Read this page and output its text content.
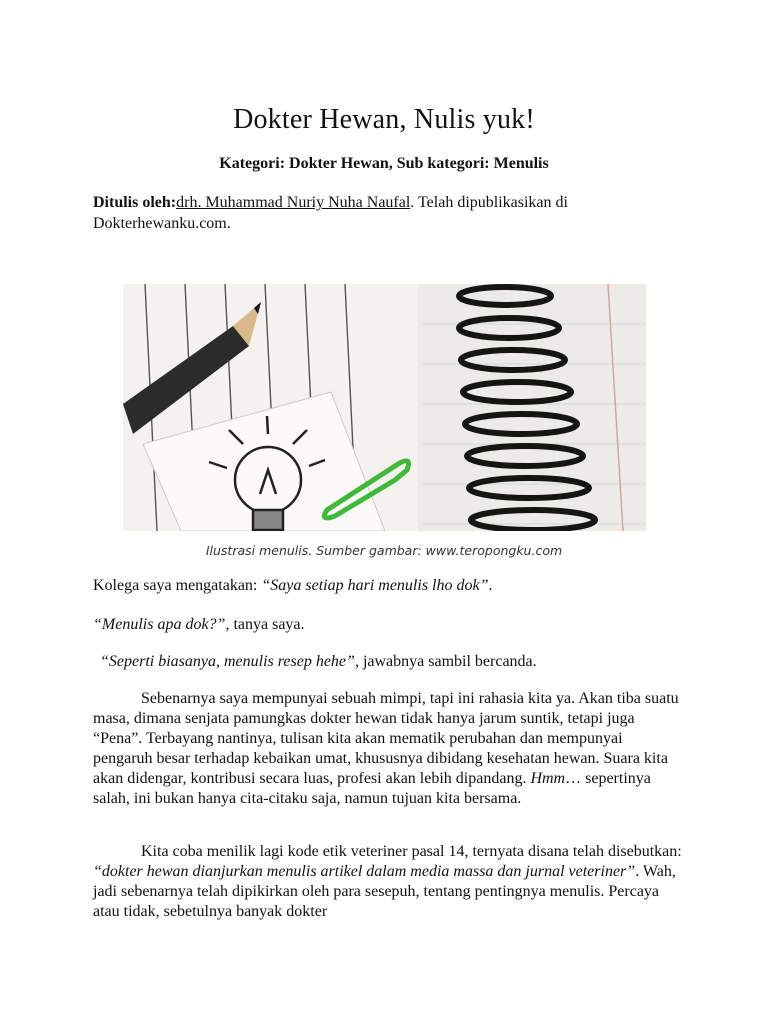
Dokter Hewan, Nulis yuk!
Kategori: Dokter Hewan, Sub kategori: Menulis
Ditulis oleh:drh. Muhammad Nuriy Nuha Naufal. Telah dipublikasikan di Dokterhewanku.com.
Ilustrasi menulis. Sumber gambar: www.teropongku.com
Kolega saya mengatakan: “Saya setiap hari menulis lho dok”.
“Menulis apa dok?”, tanya saya.
“Seperti biasanya, menulis resep hehe”, jawabnya sambil bercanda.
Sebenarnya saya mempunyai sebuah mimpi, tapi ini rahasia kita ya. Akan tiba suatu masa, dimana senjata pamungkas dokter hewan tidak hanya jarum suntik, tetapi juga “Pena”. Terbayang nantinya, tulisan kita akan mematik perubahan dan mempunyai pengaruh besar terhadap kebaikan umat, khususnya dibidang kesehatan hewan. Suara kita akan didengar, kontribusi secara luas, profesi akan lebih dipandang. Hmm… sepertinya salah, ini bukan hanya cita-citaku saja, namun tujuan kita bersama.
Kita coba menilik lagi kode etik veteriner pasal 14, ternyata disana telah disebutkan: “dokter hewan dianjurkan menulis artikel dalam media massa dan jurnal veteriner”. Wah, jadi sebenarnya telah dipikirkan oleh para sesepuh, tentang pentingnya menulis. Percaya atau tidak, sebetulnya banyak dokter
